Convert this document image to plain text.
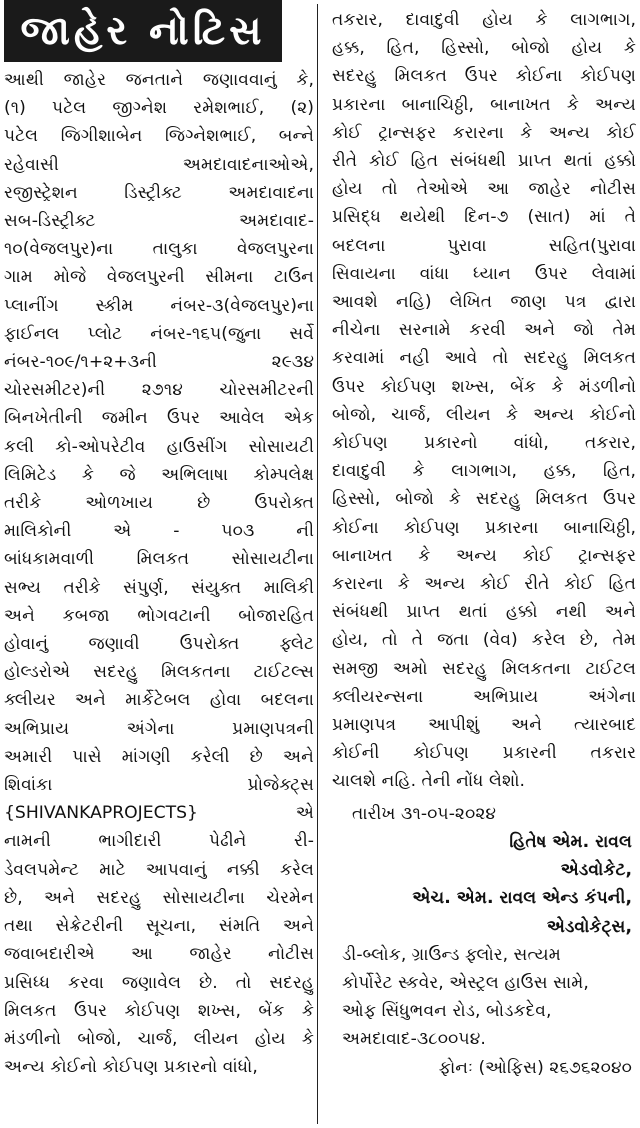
જાહેર નોટિસ
આથી જાહેર જનતાને જણાવવાનું કે,
(૧) પટેલ જીગ્નેશ રમેશભાઈ, (૨)
પટેલ જિગીશાબેન જિગ્નેશભાઈ, બન્ને
રહેવાસી અમદાવાદનાઓએ,
રજીસ્ટ્રેશન ડિસ્ટ્રીક્ટ અમદાવાદના
સબ-ડિસ્ટ્રીક્ટ અમદાવાદ-
૧૦(વેજલપુર)ના તાલુકા વેજલપુરના
ગામ મોજે વેજલપુરની સીમના ટાઉન
પ્લાનીંગ સ્કીમ નંબર-૩(વેજલપુર)ના
ફાઈનલ પ્લોટ નંબર-૧૬૫(જુના સર્વે
નંબર-૧૦૯/૧+૨+૩ની ૨૯૩૪
ચોરસમીટર)ની ૨૭૧૪ ચોરસમીટરની
બિનખેતીની જમીન ઉપર આવેલ એક
કલી કો-ઓપરેટીવ હાઉસીંગ સોસાયટી
લિમિટેડ કે જે અભિલાષા કોમ્પલેક્ષ
તરીકે ઓળખાય છે ઉપરોક્ત
માલિકોની એ - ૫૦૩ ની
બાંધકામવાળી મિલકત સોસાયટીના
સભ્ય તરીકે સંપુર્ણ, સંયુક્ત માલિકી
અને કબજા ભોગવટાની બોજારહિત
હોવાનું જણાવી ઉપરોક્ત ફ્લેટ
હોલ્ડરોએ સદરહુ મિલકતના ટાઈટલ્સ
ક્લીયર અને માર્કેટેબલ હોવા બદલના
અભિપ્રાય અંગેના પ્રમાણપત્રની
અમારી પાસે માંગણી કરેલી છે અને
શિવાંકા પ્રોજેક્ટ્સ
{SHIVANKAPROJECTS} એ
નામની ભાગીદારી પેઢીને રી-
ડેવલપમેન્ટ માટે આપવાનું નક્કી કરેલ
છે, અને સદરહુ સોસાયટીના ચેરમેન
તથા સેક્રેટરીની સૂચના, સંમતિ અને
જવાબદારીએ આ જાહેર નોટીસ
પ્રસિધ્ધ કરવા જણાવેલ છે. તો સદરહુ
મિલકત ઉપર કોઈપણ શખ્સ, બેંક કે
મંડળીનો બોજો, ચાર્જ, લીયન હોય કે
અન્ય કોઈનો કોઈપણ પ્રકારનો વાંધો,
તકરાર, દાવાદુવી હોય કે લાગભાગ,
હક્ક, હિત, હિસ્સો, બોજો હોય કે
સદરહુ મિલકત ઉપર કોઈના કોઈપણ
પ્રકારના બાનાચિઠ્ઠી, બાનાખત કે અન્ય
કોઈ ટ્રાન્સફર કરારના કે અન્ય કોઈ
રીતે કોઈ હિત સંબંધથી પ્રાપ્ત થતાં હક્કો
હોય તો તેઓએ આ જાહેર નોટીસ
પ્રસિદ્ધ થયેથી દિન-૭ (સાત) માં તે
બદલના પુરાવા સહિત(પુરાવા
સિવાયના વાંધા ધ્યાન ઉપર લેવામાં
આવશે નહિ) લેખિત જાણ પત્ર દ્વારા
નીચેના સરનામે કરવી અને જો તેમ
કરવામાં નહી આવે તો સદરહુ મિલકત
ઉપર કોઈપણ શખ્સ, બેંક કે મંડળીનો
બોજો, ચાર્જ, લીયન કે અન્ય કોઈનો
કોઈપણ પ્રકારનો વાંધો, તકરાર,
દાવાદુવી કે લાગભાગ, હક્ક, હિત,
હિસ્સો, બોજો કે સદરહુ મિલકત ઉપર
કોઈના કોઈપણ પ્રકારના બાનાચિઠ્ઠી,
બાનાખત કે અન્ય કોઈ ટ્રાન્સફર
કરારના કે અન્ય કોઈ રીતે કોઈ હિત
સંબંધથી પ્રાપ્ત થતાં હક્કો નથી અને
હોય, તો તે જતા (વેવ) કરેલ છે, તેમ
સમજી અમો સદરહુ મિલકતના ટાઈટલ
ક્લીયરન્સના અભિપ્રાય અંગેના
પ્રમાણપત્ર આપીશું અને ત્યારબાદ
કોઈની કોઈપણ પ્રકારની તકરાર
ચાલશે નહિ. તેની નોંધ લેશો.
તારીખ ૩૧-૦૫-૨૦૨૪
હિતેષ એમ. રાવલ
એડવોકેટ,
એચ. એમ. રાવલ એન્ડ કંપની,
એડવોકેટ્સ,
ડી-બ્લોક, ગ્રાઉન્ડ ફ્લોર, સત્યમ
કોર્પોરેટ સ્કવેર, એસ્ટ્રલ હાઉસ સામે,
ઓફ સિંધુભવન રોડ, બોડકદેવ,
અમદાવાદ-૩૮૦૦૫૪.
ફોનઃ (ઓફિસ) ૨૬૭૬૨૦૪૦
